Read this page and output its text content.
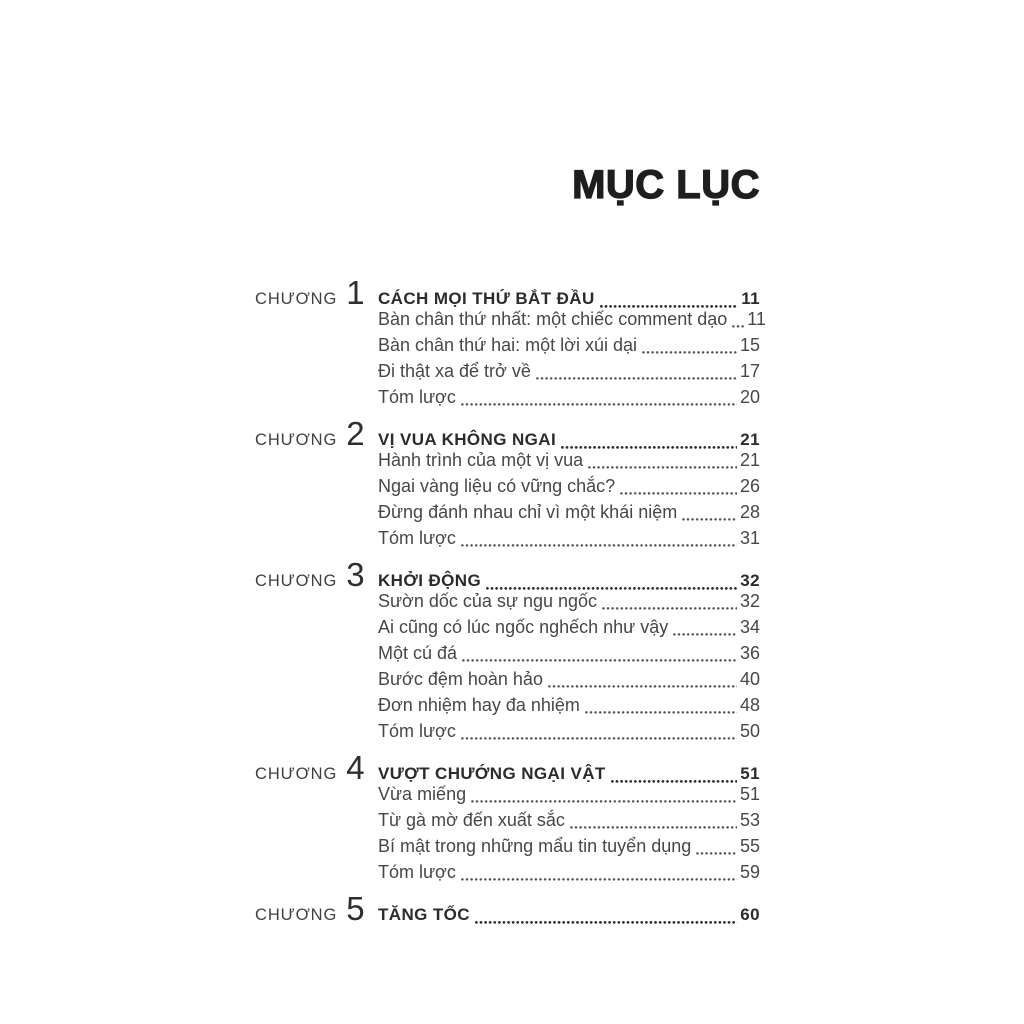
MỤC LỤC
CHƯƠNG 1 CÁCH MỌI THỨ BẮT ĐẦU	11
Bàn chân thứ nhất: một chiếc comment dạo 11
Bàn chân thứ hai: một lời xúi dại	15
Đi thật xa để trở về	17
Tóm lược	20
CHƯƠNG 2 VỊ VUA KHÔNG NGAI	21
Hành trình của một vị vua	21
Ngai vàng liệu có vững chắc?	26
Đừng đánh nhau chỉ vì một khái niệm	28
Tóm lược	31
CHƯƠNG 3 KHỞI ĐỘNG	32
Sườn dốc của sự ngu ngốc	32
Ai cũng có lúc ngốc nghếch như vậy	34
Một cú đá	36
Bước đệm hoàn hảo	40
Đơn nhiệm hay đa nhiệm	48
Tóm lược	50
CHƯƠNG 4 VƯỢT CHƯỚNG NGẠI VẬT	51
Vừa miếng	51
Từ gà mờ đến xuất sắc	53
Bí mật trong những mẩu tin tuyển dụng	55
Tóm lược	59
CHƯƠNG 5 TĂNG TỐC	60
